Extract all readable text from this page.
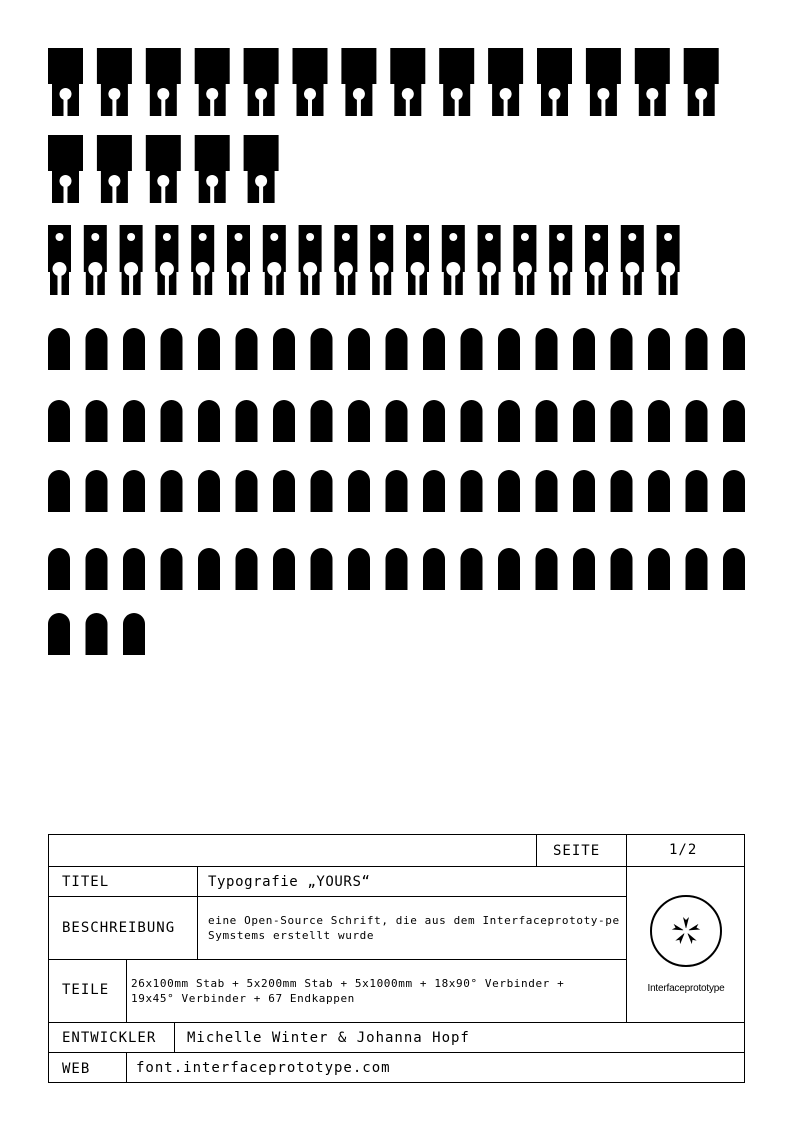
SEITE	1/2
TITEL	Typografie „YOURS“
BESCHREIBUNG	eine Open-Source Schrift, die aus dem Interfaceprototy-pe Symstems erstellt wurde
TEILE 26x100mm Stab + 5x200mm Stab + 5x1000mm + 18x90° Verbinder + 19x45° Verbinder + 67 Endkappen
ENTWICKLER Michelle Winter & Johanna Hopf
WEB	font.interfaceprototype.com
Interfaceprototype
